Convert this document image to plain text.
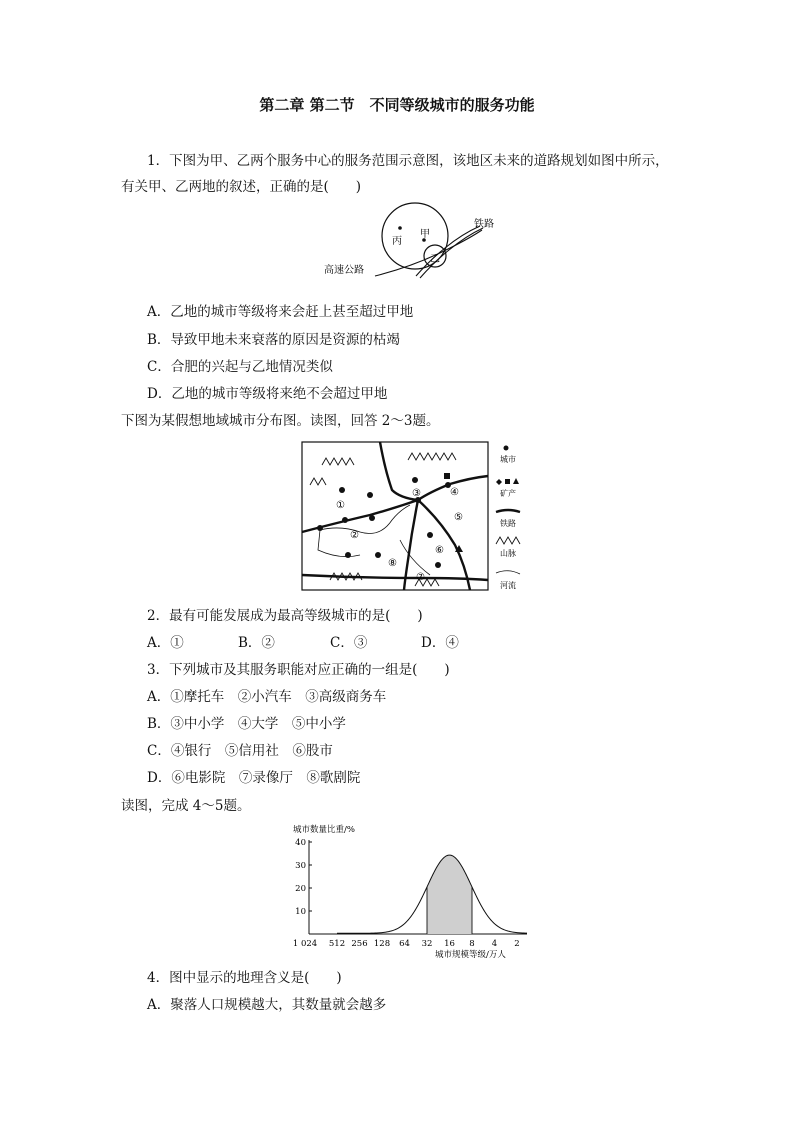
第二章 第二节　不同等级城市的服务功能
1．下图为甲、乙两个服务中心的服务范围示意图，该地区未来的道路规划如图中所示，
有关甲、乙两地的叙述，正确的是(　　)
丙
甲
乙
铁路
高速公路
A．乙地的城市等级将来会赶上甚至超过甲地
B．导致甲地未来衰落的原因是资源的枯竭
C．合肥的兴起与乙地情况类似
D．乙地的城市等级将来绝不会超过甲地
下图为某假想地域城市分布图。读图，回答 2～3题。
①
②
③	④
⑤
⑥
⑦
⑧
城市
矿产
铁路
山脉
河流
2．最有可能发展成为最高等级城市的是(　　)
A．①	B．②	C．③	D．④
3．下列城市及其服务职能对应正确的一组是(　　)
A．①摩托车　②小汽车　③高级商务车
B．③中小学　④大学　⑤中小学
C．④银行　⑤信用社　⑥股市
D．⑥电影院　⑦录像厅　⑧歌剧院
读图，完成 4～5题。
城市数量比重/%
10
20
30
40
1 024 512 256 128 64 32 16 8 4 2
城市规模等级/万人
4．图中显示的地理含义是(　　)
A．聚落人口规模越大，其数量就会越多
